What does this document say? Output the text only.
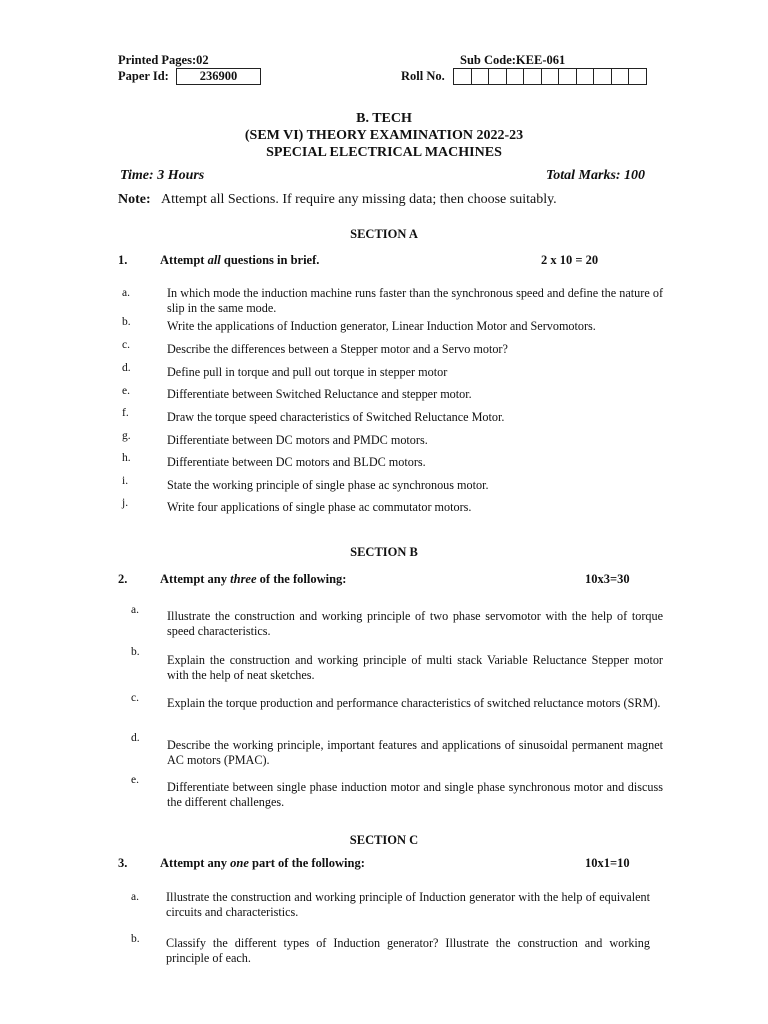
Printed Pages:02	Sub Code:KEE-061
Paper Id:	236900	Roll No.
B. TECH
(SEM VI) THEORY EXAMINATION 2022-23
SPECIAL ELECTRICAL MACHINES
Time: 3 Hours	Total Marks: 100
Note: Attempt all Sections. If require any missing data; then choose suitably.
SECTION A
1.	Attempt all questions in brief.	2 x 10 = 20
a.	In which mode the induction machine runs faster than the synchronous speed and define the nature of slip in the same mode.
b.	Write the applications of Induction generator, Linear Induction Motor and Servomotors.
c.	Describe the differences between a Stepper motor and a Servo motor?
d.	Define pull in torque and pull out torque in stepper motor
e.	Differentiate between Switched Reluctance and stepper motor.
f.	Draw the torque speed characteristics of Switched Reluctance Motor.
g.	Differentiate between DC motors and PMDC motors.
h.	Differentiate between DC motors and BLDC motors.
i.	State the working principle of single phase ac synchronous motor.
j.	Write four applications of single phase ac commutator motors.
SECTION B
2.	Attempt any three of the following:	10x3=30
a. Illustrate the construction and working principle of two phase servomotor with the help of torque speed characteristics.
b.
Explain the construction and working principle of multi stack Variable Reluctance Stepper motor with the help of neat sketches.
c. Explain the torque production and performance characteristics of switched reluctance motors (SRM).
d. Describe the working principle, important features and applications of sinusoidal permanent magnet AC motors (PMAC).
e. Differentiate between single phase induction motor and single phase synchronous motor and discuss the different challenges.
SECTION C
3.	Attempt any one part of the following:	10x1=10
a. Illustrate the construction and working principle of Induction generator with the help of equivalent circuits and characteristics.
b. Classify the different types of Induction generator? Illustrate the construction and working principle of each.
